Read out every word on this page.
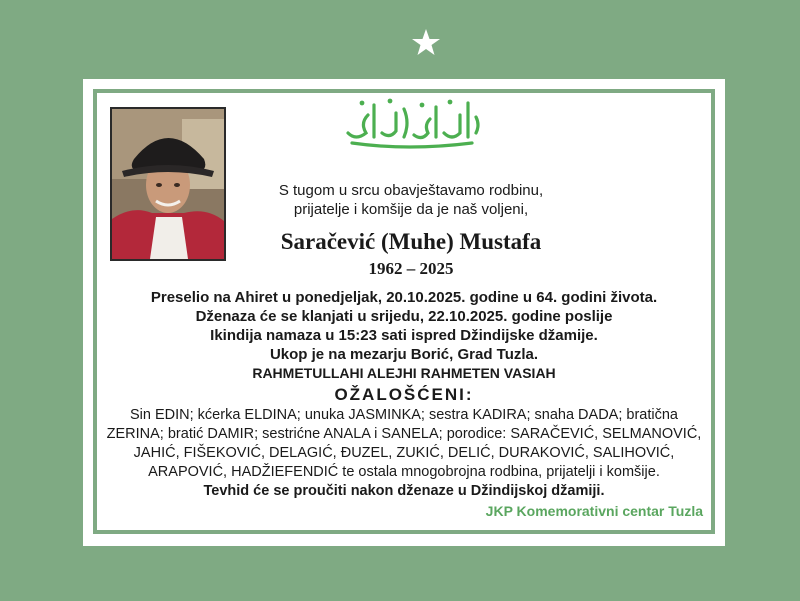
S tugom u srcu obavještavamo rodbinu,
prijatelje i komšije da je naš voljeni,
Saračević (Muhe) Mustafa
1962 – 2025
Preselio na Ahiret u ponedjeljak, 20.10.2025. godine u 64. godini života.
Dženaza će se klanjati u srijedu, 22.10.2025. godine poslije
Ikindija namaza u 15:23 sati ispred Džindijske džamije.
Ukop je na mezarju Borić, Grad Tuzla.
RAHMETULLAHI ALEJHI RAHMETEN VASIAH
OŽALOŠĆENI:
Sin EDIN; kćerka ELDINA; unuka JASMINKA; sestra KADIRA; snaha DADA; bratična
ZERINA; bratić DAMIR; sestrićne ANALA i SANELA; porodice: SARAČEVIĆ, SELMANOVIĆ,
JAHIĆ, FIŠEKOVIĆ, DELAGIĆ, ĐUZEL, ZUKIĆ, DELIĆ, DURAKOVIĆ, SALIHOVIĆ,
ARAPOVIĆ, HADŽIEFENDIĆ te ostala mnogobrojna rodbina, prijatelji i komšije.
Tevhid će se proučiti nakon dženaze u Džindijskoj džamiji.
JKP Komemorativni centar Tuzla
